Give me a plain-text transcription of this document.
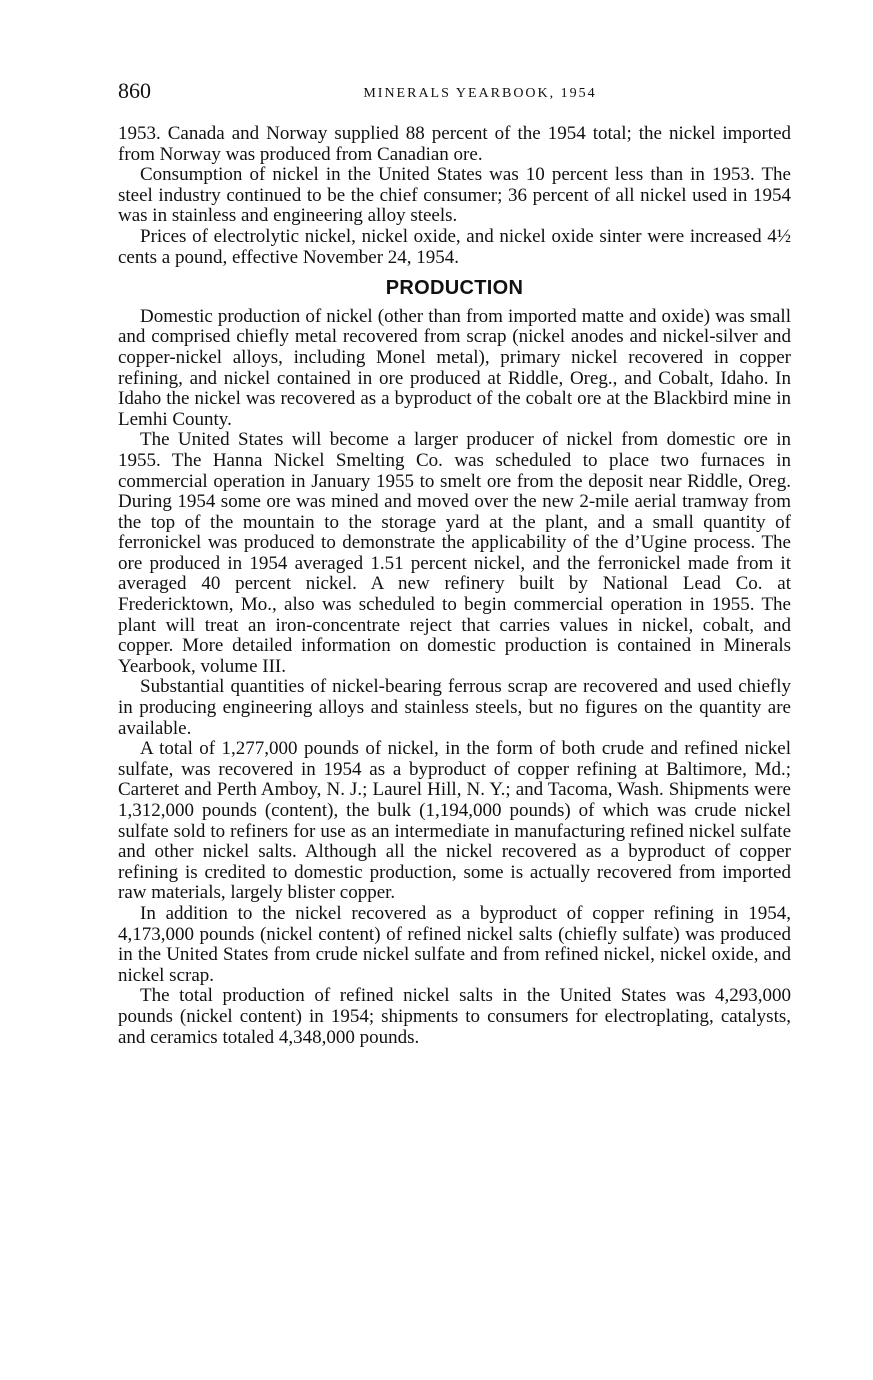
860	MINERALS YEARBOOK, 1954

1953. Canada and Norway supplied 88 percent of the 1954 total; the nickel imported from Norway was produced from Canadian ore.

Consumption of nickel in the United States was 10 percent less than in 1953. The steel industry continued to be the chief consumer; 36 percent of all nickel used in 1954 was in stainless and engineering alloy steels.

Prices of electrolytic nickel, nickel oxide, and nickel oxide sinter were increased 4½ cents a pound, effective November 24, 1954.

PRODUCTION

Domestic production of nickel (other than from imported matte and oxide) was small and comprised chiefly metal recovered from scrap (nickel anodes and nickel-silver and copper-nickel alloys, including Monel metal), primary nickel recovered in copper refining, and nickel contained in ore produced at Riddle, Oreg., and Cobalt, Idaho. In Idaho the nickel was recovered as a byproduct of the cobalt ore at the Blackbird mine in Lemhi County.

The United States will become a larger producer of nickel from domestic ore in 1955. The Hanna Nickel Smelting Co. was scheduled to place two furnaces in commercial operation in January 1955 to smelt ore from the deposit near Riddle, Oreg. During 1954 some ore was mined and moved over the new 2-mile aerial tramway from the top of the mountain to the storage yard at the plant, and a small quantity of ferronickel was produced to demonstrate the applicability of the d’Ugine process. The ore produced in 1954 averaged 1.51 percent nickel, and the ferronickel made from it averaged 40 percent nickel. A new refinery built by National Lead Co. at Fredericktown, Mo., also was scheduled to begin commercial operation in 1955. The plant will treat an iron-concentrate reject that carries values in nickel, cobalt, and copper. More detailed information on domestic production is contained in Minerals Yearbook, volume III.

Substantial quantities of nickel-bearing ferrous scrap are recovered and used chiefly in producing engineering alloys and stainless steels, but no figures on the quantity are available.

A total of 1,277,000 pounds of nickel, in the form of both crude and refined nickel sulfate, was recovered in 1954 as a byproduct of copper refining at Baltimore, Md.; Carteret and Perth Amboy, N. J.; Laurel Hill, N. Y.; and Tacoma, Wash. Shipments were 1,312,000 pounds (content), the bulk (1,194,000 pounds) of which was crude nickel sulfate sold to refiners for use as an intermediate in manufacturing refined nickel sulfate and other nickel salts. Although all the nickel recovered as a byproduct of copper refining is credited to domestic production, some is actually recovered from imported raw materials, largely blister copper.

In addition to the nickel recovered as a byproduct of copper refining in 1954, 4,173,000 pounds (nickel content) of refined nickel salts (chiefly sulfate) was produced in the United States from crude nickel sulfate and from refined nickel, nickel oxide, and nickel scrap.

The total production of refined nickel salts in the United States was 4,293,000 pounds (nickel content) in 1954; shipments to consumers for electroplating, catalysts, and ceramics totaled 4,348,000 pounds.
